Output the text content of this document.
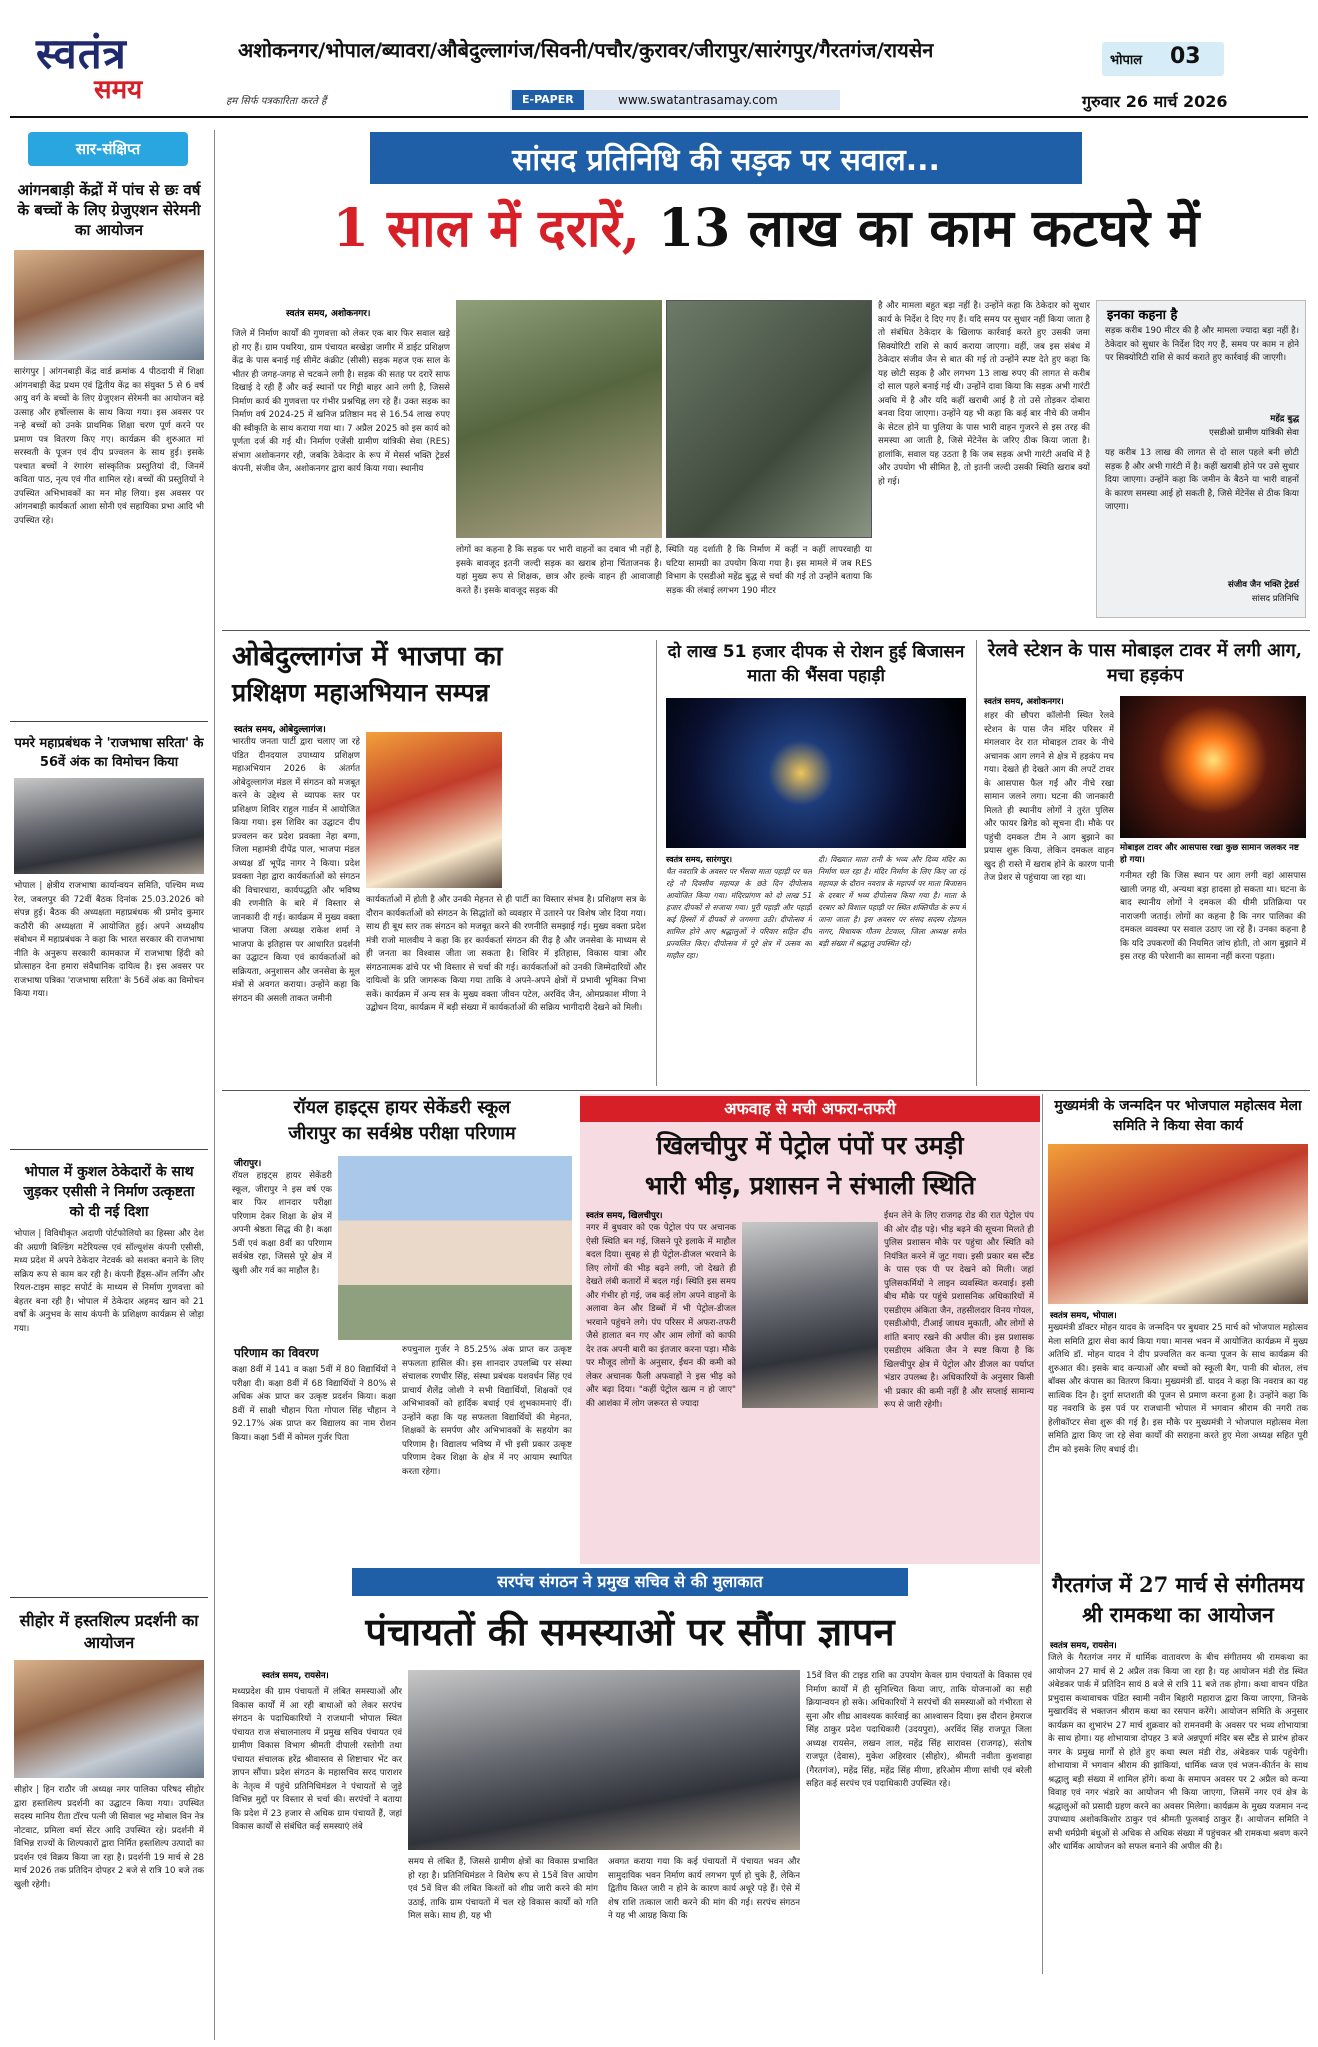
स्वतंत्र
समय	हम सिर्फ पत्रकारिता करते हैं
अशोकनगर/भोपाल/ब्यावरा/औबेदुल्लागंज/सिवनी/पचौर/कुरावर/जीरापुर/सारंगपुर/गैरतगंज/रायसेन	भोपाल 03
E-PAPER	www.swatantrasamay.com	गुरुवार 26 मार्च 2026
सार-संक्षिप्त
आंगनबाड़ी केंद्रों में पांच से छः वर्ष के बच्चों के लिए ग्रेजुएशन सेरेमनी का आयोजन
सारंगपुर | आंगनबाड़ी केंद्र वार्ड क्रमांक 4 पीठदायी में शिक्षा आंगनबाड़ी केंद्र प्रथम एवं द्वितीय केंद्र का संयुक्त 5 से 6 वर्ष आयु वर्ग के बच्चों के लिए ग्रेजुएशन सेरेमनी का आयोजन बड़े उत्साह और हर्षोल्लास के साथ किया गया। इस अवसर पर नन्हे बच्चों को उनके प्राथमिक शिक्षा चरण पूर्ण करने पर प्रमाण पत्र वितरण किए गए। कार्यक्रम की शुरुआत मां सरस्वती के पूजन एवं दीप प्रज्वलन के साथ हुई। इसके पश्चात बच्चों ने रंगारंग सांस्कृतिक प्रस्तुतियां दी, जिनमें कविता पाठ, नृत्य एवं गीत शामिल रहे। बच्चों की प्रस्तुतियों ने उपस्थित अभिभावकों का मन मोह लिया। इस अवसर पर आंगनबाड़ी कार्यकर्ता आशा सोनी एवं सहायिका प्रभा आदि भी उपस्थित रहे।
पमरे महाप्रबंधक ने 'राजभाषा सरिता' के 56वें अंक का विमोचन किया
भोपाल | क्षेत्रीय राजभाषा कार्यान्वयन समिति, पश्चिम मध्य रेल, जबलपुर की 72वीं बैठक दिनांक 25.03.2026 को संपन्न हुई। बैठक की अध्यक्षता महाप्रबंधक श्री प्रमोद कुमार कठौरी की अध्यक्षता में आयोजित हुई। अपने अध्यक्षीय संबोधन में महाप्रबंधक ने कहा कि भारत सरकार की राजभाषा नीति के अनुरूप सरकारी कामकाज में राजभाषा हिंदी को प्रोत्साहन देना हमारा संवैधानिक दायित्व है। इस अवसर पर राजभाषा पत्रिका 'राजभाषा सरिता' के 56वें अंक का विमोचन किया गया।
भोपाल में कुशल ठेकेदारों के साथ जुड़कर एसीसी ने निर्माण उत्कृष्टता को दी नई दिशा
भोपाल | विविधीकृत अदाणी पोर्टफोलियो का हिस्सा और देश की अग्रणी बिल्डिंग मटेरियल्स एवं सॉल्यूशंस कंपनी एसीसी, मध्य प्रदेश में अपने ठेकेदार नेटवर्क को सशक्त बनाने के लिए सक्रिय रूप से काम कर रही है। कंपनी हैंड्स-ऑन लर्निंग और रियल-टाइम साइट सपोर्ट के माध्यम से निर्माण गुणवत्ता को बेहतर बना रही है। भोपाल में ठेकेदार अहमद खान को 21 वर्षों के अनुभव के साथ कंपनी के प्रशिक्षण कार्यक्रम से जोड़ा गया।
सीहोर में हस्तशिल्प प्रदर्शनी का आयोजन
सीहोर | हिन राठौर जी अध्यक्ष नगर पालिका परिषद सीहोर द्वारा हस्तशिल्प प्रदर्शनी का उद्घाटन किया गया। उपस्थित सदस्य मानिय रीता टॉरच पत्नी जी सिवाल भट्ट मोबाल विन नेत्र नोटवाट, प्रमिला वर्मा सेंटर आदि उपस्थित रहे। प्रदर्शनी में विभिन्न राज्यों के शिल्पकारों द्वारा निर्मित हस्तशिल्प उत्पादों का प्रदर्शन एवं विक्रय किया जा रहा है। प्रदर्शनी 19 मार्च से 28 मार्च 2026 तक प्रतिदिन दोपहर 2 बजे से रात्रि 10 बजे तक खुली रहेगी।
सांसद प्रतिनिधि की सड़क पर सवाल...
1 साल में दरारें, 13 लाख का काम कटघरे में
स्वतंत्र समय, अशोकनगर।
जिले में निर्माण कार्यों की गुणवत्ता को लेकर एक बार फिर सवाल खड़े हो गए हैं। ग्राम पथरिया, ग्राम पंचायत बरखेड़ा जागीर में डाईट प्रशिक्षण केंद्र के पास बनाई गई सीमेंट कंक्रीट (सीसी) सड़क महज एक साल के भीतर ही जगह-जगह से चटकने लगी है। सड़क की सतह पर दरारें साफ दिखाई दे रही हैं और कई स्थानों पर गिट्टी बाहर आने लगी है, जिससे निर्माण कार्य की गुणवत्ता पर गंभीर प्रश्नचिह्न लग रहे हैं। उक्त सड़क का निर्माण वर्ष 2024-25 में खनिज प्रतिष्ठान मद से 16.54 लाख रुपए की स्वीकृति के साथ कराया गया था। 7 अप्रैल 2025 को इस कार्य को पूर्णता दर्ज की गई थी। निर्माण एजेंसी ग्रामीण यांत्रिकी सेवा (RES) संभाग अशोकनगर रही, जबकि ठेकेदार के रूप में मेसर्स भक्ति ट्रेडर्स कंपनी, संजीव जैन, अशोकनगर द्वारा कार्य किया गया। स्थानीय
लोगों का कहना है कि सड़क पर भारी वाहनों का दबाव भी नहीं है, इसके बावजूद इतनी जल्दी सड़क का खराब होना चिंताजनक है। यहां मुख्य रूप से शिक्षक, छात्र और हल्के वाहन ही आवाजाही करते हैं। इसके बावजूद सड़क की
स्थिति यह दर्शाती है कि निर्माण में कहीं न कहीं लापरवाही या घटिया सामग्री का उपयोग किया गया है। इस मामले में जब RES विभाग के एसडीओ महेंद्र बुद्ध से चर्चा की गई तो उन्होंने बताया कि सड़क की लंबाई लगभग 190 मीटर
है और मामला बहुत बड़ा नहीं है। उन्होंने कहा कि ठेकेदार को सुधार कार्य के निर्देश दे दिए गए हैं। यदि समय पर सुधार नहीं किया जाता है तो संबंधित ठेकेदार के खिलाफ कार्रवाई करते हुए उसकी जमा सिक्योरिटी राशि से कार्य कराया जाएगा। वहीं, जब इस संबंध में ठेकेदार संजीव जैन से बात की गई तो उन्होंने स्पष्ट देते हुए कहा कि यह छोटी सड़क है और लगभग 13 लाख रुपए की लागत से करीब दो साल पहले बनाई गई थी। उन्होंने दावा किया कि सड़क अभी गारंटी अवधि में है और यदि कहीं खराबी आई है तो उसे तोड़कर दोबारा बनवा दिया जाएगा। उन्होंने यह भी कहा कि कई बार नीचे की जमीन के सेटल होने या पुलिया के पास भारी वाहन गुजरने से इस तरह की समस्या आ जाती है, जिसे मेंटेनेंस के जरिए ठीक किया जाता है। हालांकि, सवाल यह उठता है कि जब सड़क अभी गारंटी अवधि में है और उपयोग भी सीमित है, तो इतनी जल्दी उसकी स्थिति खराब क्यों हो गई।
इनका कहना है
सड़क करीब 190 मीटर की है और मामला ज्यादा बड़ा नहीं है। ठेकेदार को सुधार के निर्देश दिए गए हैं, समय पर काम न होने पर सिक्योरिटी राशि से कार्य कराते हुए कार्रवाई की जाएगी।
महेंद्र बुद्ध
एसडीओ ग्रामीण यांत्रिकी सेवा
यह करीब 13 लाख की लागत से दो साल पहले बनी छोटी सड़क है और अभी गारंटी में है। कहीं खराबी होने पर उसे सुधार दिया जाएगा। उन्होंने कहा कि जमीन के बैठने या भारी वाहनों के कारण समस्या आई हो सकती है, जिसे मेंटेनेंस से ठीक किया जाएगा।
संजीव जैन भक्ति ट्रेडर्स
सांसद प्रतिनिधि
ओबेदुल्लागंज में भाजपा का
प्रशिक्षण महाअभियान सम्पन्न
स्वतंत्र समय, ओबेदुल्लागंज।
भारतीय जनता पार्टी द्वारा चलाए जा रहे पंडित दीनदयाल उपाध्याय प्रशिक्षण महाअभियान 2026 के अंतर्गत ओबेदुल्लागंज मंडल में संगठन को मजबूत करने के उद्देश्य से व्यापक स्तर पर प्रशिक्षण शिविर राहुल गार्डन में आयोजित किया गया। इस शिविर का उद्घाटन दीप प्रज्वलन कर प्रदेश प्रवक्ता नेहा बग्गा, जिला महामंत्री दीपेंद्र पाल, भाजपा मंडल अध्यक्ष डॉ भूपेंद्र नागर ने किया। प्रदेश प्रवक्ता नेहा द्वारा कार्यकर्ताओं को संगठन की विचारधारा, कार्यपद्धति और भविष्य की रणनीति के बारे में विस्तार से जानकारी दी गई। कार्यक्रम में मुख्य वक्ता भाजपा जिला अध्यक्ष राकेश शर्मा ने भाजपा के इतिहास पर आधारित प्रदर्शनी का उद्घाटन किया एवं कार्यकर्ताओं को सक्रियता, अनुशासन और जनसेवा के मूल मंत्रों से अवगत कराया। उन्होंने कहा कि संगठन की असली ताकत जमीनी
कार्यकर्ताओं में होती है और उनकी मेहनत से ही पार्टी का विस्तार संभव है। प्रशिक्षण सत्र के दौरान कार्यकर्ताओं को संगठन के सिद्धांतों को व्यवहार में उतारने पर विशेष जोर दिया गया। साथ ही बूथ स्तर तक संगठन को मजबूत करने की रणनीति समझाई गई। मुख्य वक्ता प्रदेश मंत्री राजो मालवीय ने कहा कि हर कार्यकर्ता संगठन की रीढ़ है और जनसेवा के माध्यम से ही जनता का विश्वास जीता जा सकता है। शिविर में इतिहास, विकास यात्रा और संगठनात्मक ढांचे पर भी विस्तार से चर्चा की गई। कार्यकर्ताओं को उनकी जिम्मेदारियों और दायित्वों के प्रति जागरूक किया गया ताकि वे अपने-अपने क्षेत्रों में प्रभावी भूमिका निभा सकें। कार्यक्रम में अन्य सत्र के मुख्य वक्ता जीवन पटेल, अरविंद जैन, ओमप्रकाश मीणा ने उद्बोधन दिया, कार्यक्रम में बड़ी संख्या में कार्यकर्ताओं की सक्रिय भागीदारी देखने को मिली।
दो लाख 51 हजार दीपक से रोशन हुई बिजासन माता की भैंसवा पहाड़ी
स्वतंत्र समय, सारंगपुर।
चैत नवरात्रि के अवसर पर भैंसवा माता पहाड़ी पर चल रहे नौ दिवसीय महायज्ञ के छठे दिन दीपोत्सव आयोजित किया गया। मंदिरप्रांगण को दो लाख 51 हजार दीपकों से सजाया गया। पूरी पहाड़ी और पहाड़ी कई हिस्सों में दीपकों से जगमगा उठी। दीपोत्सव में शामिल होने आए श्रद्धालुओं ने परिवार सहित दीप प्रज्वलित किए। दीपोत्सव में पूरे क्षेत्र में उत्सव का माहौल रहा।
दी। विख्यात माता रानी के भव्य और दिव्य मंदिर का निर्माण चल रहा है। मंदिर निर्माण के लिए किए जा रहे महायज्ञ के दौरान नवरात्र के महापर्व पर माता बिजासन के दरबार में भव्य दीपोत्सव किया गया है। माता के दरबार को विशाल पहाड़ी पर स्थित शक्तिपीठ के रूप में जाना जाता है। इस अवसर पर संसद सदस्य रोडमल नागर, विधायक गौतम टेटवाल, जिला अध्यक्ष समेत बड़ी संख्या में श्रद्धालु उपस्थित रहे।
रेलवे स्टेशन के पास मोबाइल टावर में लगी आग, मचा हड़कंप
स्वतंत्र समय, अशोकनगर।
शहर की छौपरा कॉलोनी स्थित रेलवे स्टेशन के पास जैन मंदिर परिसर में मंगलवार देर रात मोबाइल टावर के नीचे अचानक आग लगने से क्षेत्र में हड़कंप मच गया। देखते ही देखते आग की लपटें टावर के आसपास फैल गईं और नीचे रखा सामान जलने लगा। घटना की जानकारी मिलते ही स्थानीय लोगों ने तुरंत पुलिस और फायर ब्रिगेड को सूचना दी। मौके पर पहुंची दमकल टीम ने आग बुझाने का प्रयास शुरू किया, लेकिन दमकल वाहन खुद ही रास्ते में खराब होने के कारण पानी तेज प्रेशर से पहुंचाया जा रहा था।
मोबाइल टावर और आसपास रखा कुछ सामान जलकर नष्ट हो गया।
गनीमत रही कि जिस स्थान पर आग लगी वहां आसपास खाली जगह थी, अन्यथा बड़ा हादसा हो सकता था। घटना के बाद स्थानीय लोगों ने दमकल की धीमी प्रतिक्रिया पर नाराजगी जताई। लोगों का कहना है कि नगर पालिका की दमकल व्यवस्था पर सवाल उठाए जा रहे हैं। उनका कहना है कि यदि उपकरणों की नियमित जांच होती, तो आग बुझाने में इस तरह की परेशानी का सामना नहीं करना पड़ता।
रॉयल हाइट्स हायर सेकेंडरी स्कूल
जीरापुर का सर्वश्रेष्ठ परीक्षा परिणाम
जीरापुर।
रॉयल हाइट्स हायर सेकेंडरी स्कूल, जीरापुर ने इस वर्ष एक बार फिर शानदार परीक्षा परिणाम देकर शिक्षा के क्षेत्र में अपनी श्रेष्ठता सिद्ध की है। कक्षा 5वीं एवं कक्षा 8वीं का परिणाम सर्वश्रेष्ठ रहा, जिससे पूरे क्षेत्र में खुशी और गर्व का माहौल है।
परिणाम का विवरण
कक्षा 8वीं में 141 व कक्षा 5वीं में 80 विद्यार्थियों ने परीक्षा दी। कक्षा 8वीं में 68 विद्यार्थियों ने 80% से अधिक अंक प्राप्त कर उत्कृष्ट प्रदर्शन किया। कक्षा 8वीं में साक्षी चौहान पिता गोपाल सिंह चौहान ने 92.17% अंक प्राप्त कर विद्यालय का नाम रोशन किया। कक्षा 5वीं में कोमल गुर्जर पिता
रुपचुनाल गुर्जर ने 85.25% अंक प्राप्त कर उत्कृष्ट सफलता हासिल की। इस शानदार उपलब्धि पर संस्था संचालक रणधीर सिंह, संस्था प्रबंधक यशवर्धन सिंह एवं प्राचार्य शैलेंद्र जोशी ने सभी विद्यार्थियों, शिक्षकों एवं अभिभावकों को हार्दिक बधाई एवं शुभकामनाएं दीं। उन्होंने कहा कि यह सफलता विद्यार्थियों की मेहनत, शिक्षकों के समर्पण और अभिभावकों के सहयोग का परिणाम है। विद्यालय भविष्य में भी इसी प्रकार उत्कृष्ट परिणाम देकर शिक्षा के क्षेत्र में नए आयाम स्थापित करता रहेगा।
अफवाह से मची अफरा-तफरी
खिलचीपुर में पेट्रोल पंपों पर उमड़ी
भारी भीड़, प्रशासन ने संभाली स्थिति
स्वतंत्र समय, खिलचीपुर।
नगर में बुधवार को एक पेट्रोल पंप पर अचानक ऐसी स्थिति बन गई, जिसने पूरे इलाके में माहौल बदल दिया। सुबह से ही पेट्रोल-डीजल भरवाने के लिए लोगों की भीड़ बढ़ने लगी, जो देखते ही देखते लंबी कतारों में बदल गई। स्थिति इस समय और गंभीर हो गई, जब कई लोग अपने वाहनों के अलावा केन और डिब्बों में भी पेट्रोल-डीजल भरवाने पहुंचने लगे। पंप परिसर में अफरा-तफरी जैसे हालात बन गए और आम लोगों को काफी देर तक अपनी बारी का इंतजार करना पड़ा। मौके पर मौजूद लोगों के अनुसार, ईंधन की कमी को लेकर अचानक फैली अफवाहों ने इस भीड़ को और बढ़ा दिया। "कहीं पेट्रोल खत्म न हो जाए" की आशंका में लोग जरूरत से ज्यादा
ईंधन लेने के लिए राजगढ़ रोड की रात पेट्रोल पंप की ओर दौड़ पड़े। भीड़ बढ़ने की सूचना मिलते ही पुलिस प्रशासन मौके पर पहुंचा और स्थिति को नियंत्रित करने में जुट गया। इसी प्रकार बस स्टैंड के पास एक पी पर देखने को मिली। जहां पुलिसकर्मियों ने लाइन व्यवस्थित करवाई। इसी बीच मौके पर पहुंचे प्रशासनिक अधिकारियों में एसडीएम अंकिता जैन, तहसीलदार विनय गोयल, एसडीओपी, टीआई जाधव मुकाती, और लोगों से शांति बनाए रखने की अपील की। इस प्रशासक एसडीएम अंकिता जैन ने स्पष्ट किया है कि खिलचीपुर क्षेत्र में पेट्रोल और डीजल का पर्याप्त भंडार उपलब्ध है। अधिकारियों के अनुसार किसी भी प्रकार की कमी नहीं है और सप्लाई सामान्य रूप से जारी रहेगी।
मुख्यमंत्री के जन्मदिन पर भोजपाल महोत्सव मेला समिति ने किया सेवा कार्य
स्वतंत्र समय, भोपाल।
मुख्यमंत्री डॉक्टर मोहन यादव के जन्मदिन पर बुधवार 25 मार्च को भोजपाल महोत्सव मेला समिति द्वारा सेवा कार्य किया गया। मानस भवन में आयोजित कार्यक्रम में मुख्य अतिथि डॉ. मोहन यादव ने दीप प्रज्वलित कर कन्या पूजन के साथ कार्यक्रम की शुरुआत की। इसके बाद कन्याओं और बच्चों को स्कूली बैग, पानी की बोतल, लंच बॉक्स और कंपास का वितरण किया। मुख्यमंत्री डॉ. यादव ने कहा कि नवरात्र का यह सात्विक दिन है। दुर्गा सप्तशती की पूजन से प्रमाण करना हुआ है। उन्होंने कहा कि यह नवरात्रि के इस पर्व पर राजधानी भोपाल में भगवान श्रीराम की नगरी तक हेलीकॉप्टर सेवा शुरू की गई है। इस मौके पर मुख्यमंत्री ने भोजपाल महोत्सव मेला समिति द्वारा किए जा रहे सेवा कार्यों की सराहना करते हुए मेला अध्यक्ष सहित पूरी टीम को इसके लिए बधाई दी।
सरपंच संगठन ने प्रमुख सचिव से की मुलाकात
पंचायतों की समस्याओं पर सौंपा ज्ञापन
स्वतंत्र समय, रायसेन।
मध्यप्रदेश की ग्राम पंचायतों में लंबित समस्याओं और विकास कार्यों में आ रही बाधाओं को लेकर सरपंच संगठन के पदाधिकारियों ने राजधानी भोपाल स्थित पंचायत राज संचालनालय में प्रमुख सचिव पंचायत एवं ग्रामीण विकास विभाग श्रीमती दीपाली रस्तोगी तथा पंचायत संचालक हरेंद्र श्रीवास्तव से शिष्टाचार भेंट कर ज्ञापन सौंपा। प्रदेश संगठन के महासचिव सरद पाराशर के नेतृत्व में पहुंचे प्रतिनिधिमंडल ने पंचायतों से जुड़े विभिन्न मुद्दों पर विस्तार से चर्चा की। सरपंचों ने बताया कि प्रदेश में 23 हजार से अधिक ग्राम पंचायतें हैं, जहां विकास कार्यों से संबंधित कई समस्याएं लंबे
समय से लंबित हैं, जिससे ग्रामीण क्षेत्रों का विकास प्रभावित हो रहा है। प्रतिनिधिमंडल ने विशेष रूप से 15वें वित्त आयोग एवं 5वें वित्त की लंबित किश्तों को शीघ्र जारी करने की मांग उठाई, ताकि ग्राम पंचायतों में चल रहे विकास कार्यों को गति मिल सके। साथ ही, यह भी
अवगत कराया गया कि कई पंचायतों में पंचायत भवन और सामुदायिक भवन निर्माण कार्य लगभग पूर्ण हो चुके हैं, लेकिन द्वितीय किश्त जारी न होने के कारण कार्य अधूरे पड़े हैं। ऐसे में शेष राशि तत्काल जारी करने की मांग की गई। सरपंच संगठन ने यह भी आग्रह किया कि
15वें वित्त की टाइड राशि का उपयोग केवल ग्राम पंचायतों के विकास एवं निर्माण कार्यों में ही सुनिश्चित किया जाए, ताकि योजनाओं का सही क्रियान्वयन हो सके। अधिकारियों ने सरपंचों की समस्याओं को गंभीरता से सुना और शीघ्र आवश्यक कार्रवाई का आश्वासन दिया। इस दौरान हेमराज सिंह ठाकुर प्रदेश पदाधिकारी (उदयपुरा), अरविंद सिंह राजपूत जिला अध्यक्ष रायसेन, लखन लाल, महेंद्र सिंह सारावस (राजगढ़), संतोष राजपूत (देवास), मुकेश अहिरवार (सीहोर), श्रीमती नवीता कुशवाहा (गैरतगंज), महेंद्र सिंह, महेंद्र सिंह मीणा, हरिओम मीणा सांची एवं बरेली सहित कई सरपंच एवं पदाधिकारी उपस्थित रहे।
गैरतगंज में 27 मार्च से संगीतमय श्री रामकथा का आयोजन
स्वतंत्र समय, रायसेन।
जिले के गैरतगंज नगर में धार्मिक वातावरण के बीच संगीतमय श्री रामकथा का आयोजन 27 मार्च से 2 अप्रैल तक किया जा रहा है। यह आयोजन मंडी रोड स्थित अंबेडकर पार्क में प्रतिदिन सायं 8 बजे से रात्रि 11 बजे तक होगा। कथा वाचन पंडित प्रभुदास कथावाचक पंडित स्वामी नवीन बिहारी महाराज द्वारा किया जाएगा, जिनके मुखारविंद से भक्तजन श्रीराम कथा का रसपान करेंगे। आयोजन समिति के अनुसार कार्यक्रम का शुभारंभ 27 मार्च शुक्रवार को रामनवमी के अवसर पर भव्य शोभायात्रा के साथ होगा। यह शोभायात्रा दोपहर 3 बजे अन्नपूर्णा मंदिर बस स्टैंड से प्रारंभ होकर नगर के प्रमुख मार्गों से होते हुए कथा स्थल मंडी रोड, अंबेडकर पार्क पहुंचेगी। शोभायात्रा में भगवान श्रीराम की झांकियां, धार्मिक ध्वज एवं भजन-कीर्तन के साथ श्रद्धालु बड़ी संख्या में शामिल होंगे। कथा के समापन अवसर पर 2 अप्रैल को कन्या विवाह एवं नगर भंडारे का आयोजन भी किया जाएगा, जिसमें नगर एवं क्षेत्र के श्रद्धालुओं को प्रसादी ग्रहण करने का अवसर मिलेगा। कार्यक्रम के मुख्य यजमान नन्द उपाध्याय अशोककिशोर ठाकुर एवं श्रीमती फूलबाई ठाकुर हैं। आयोजन समिति ने सभी धर्मप्रेमी बंधुओं से अधिक से अधिक संख्या में पहुंचकर श्री रामकथा श्रवण करने और धार्मिक आयोजन को सफल बनाने की अपील की है।
